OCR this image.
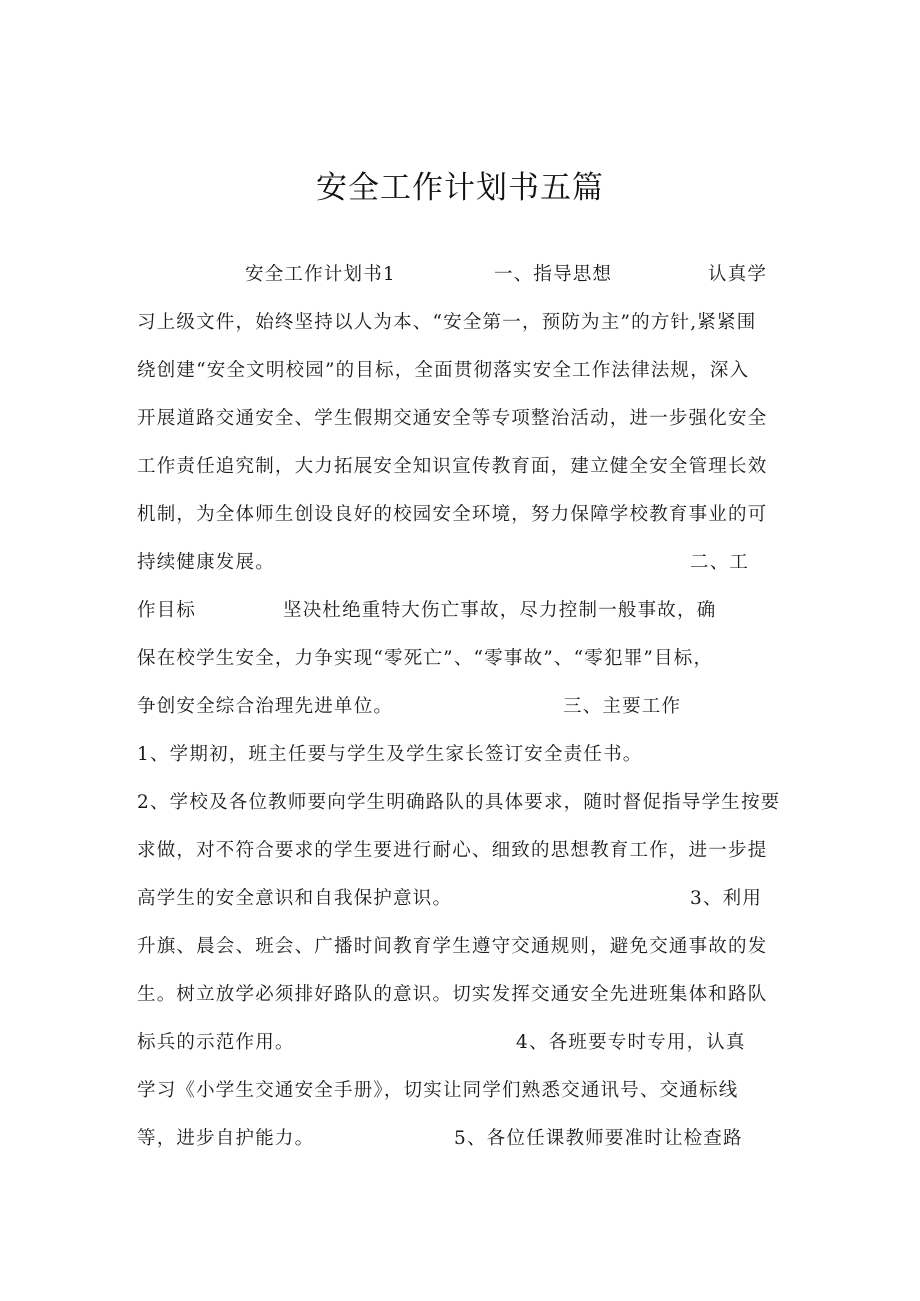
安全工作计划书五篇
安全工作计划书1	一、指导思想	认真学
习上级文件，始终坚持以人为本、“安全第一，预防为主”的方针,紧紧围
绕创建“安全文明校园”的目标，全面贯彻落实安全工作法律法规，深入
开展道路交通安全、学生假期交通安全等专项整治活动，进一步强化安全
工作责任追究制，大力拓展安全知识宣传教育面，建立健全安全管理长效
机制，为全体师生创设良好的校园安全环境，努力保障学校教育事业的可
持续健康发展。	二、工
作目标	坚决杜绝重特大伤亡事故，尽力控制一般事故，确
保在校学生安全，力争实现“零死亡”、“零事故”、“零犯罪”目标，
争创安全综合治理先进单位。	三、主要工作
1、学期初，班主任要与学生及学生家长签订安全责任书。
2、学校及各位教师要向学生明确路队的具体要求，随时督促指导学生按要
求做，对不符合要求的学生要进行耐心、细致的思想教育工作，进一步提
高学生的安全意识和自我保护意识。	3、利用
升旗、晨会、班会、广播时间教育学生遵守交通规则，避免交通事故的发
生。树立放学必须排好路队的意识。切实发挥交通安全先进班集体和路队
标兵的示范作用。	4、各班要专时专用，认真
学习《小学生交通安全手册》，切实让同学们熟悉交通讯号、交通标线
等，进步自护能力。	5、各位任课教师要准时让检查路
